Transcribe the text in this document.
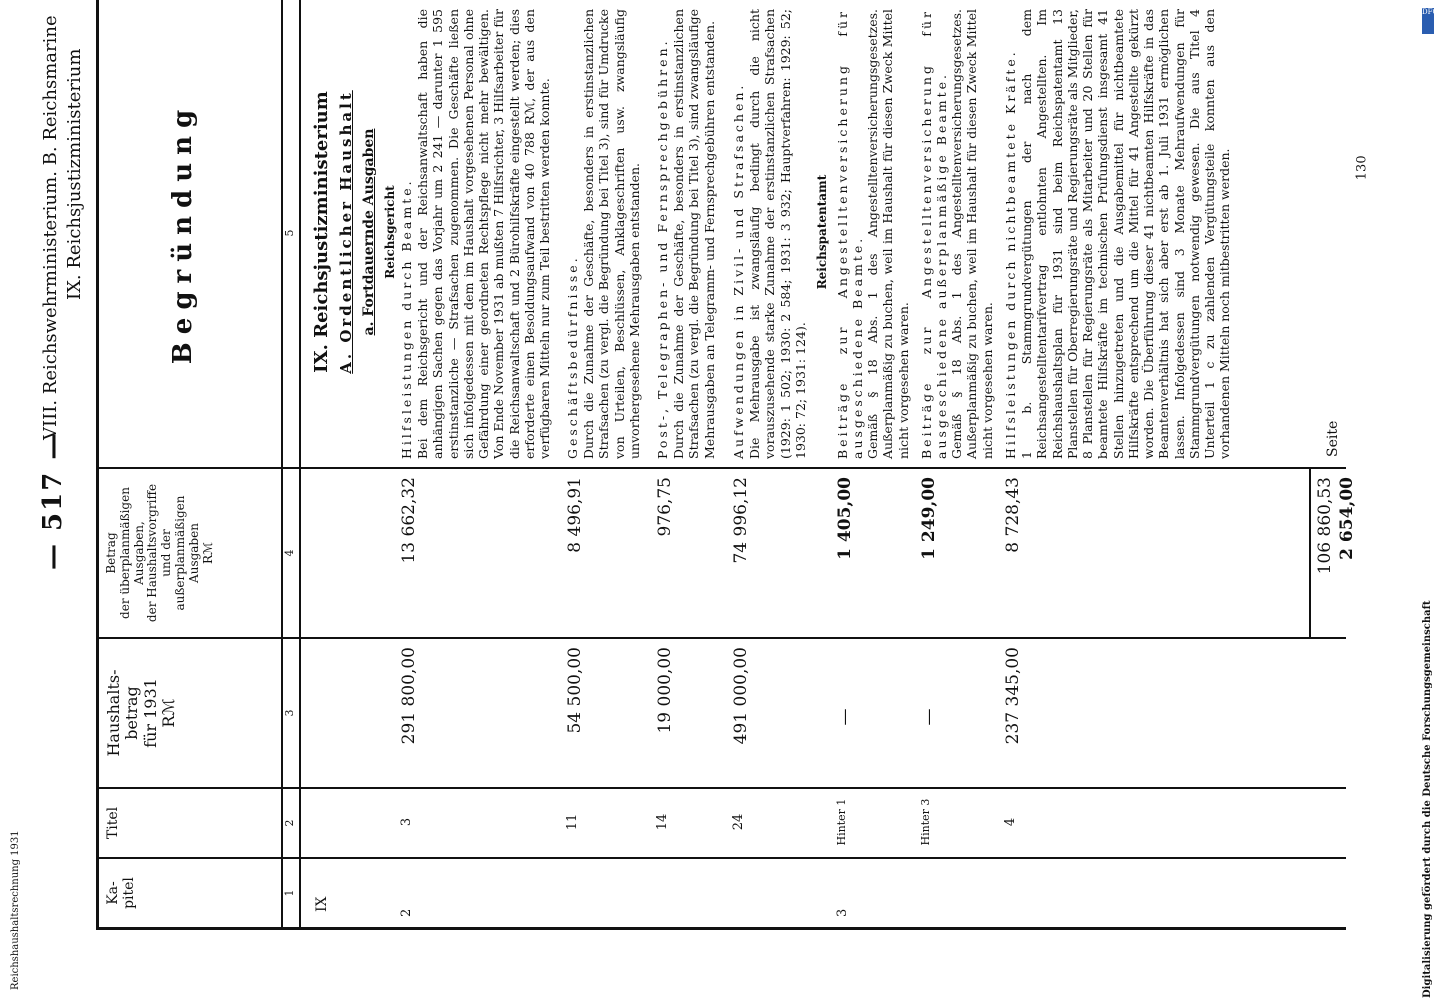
— 517 —
VIII. Reichswehrministerium. B. Reichsmarine IX. Reichsjustizministerium
Ka-
pitel
Titel
Haushalts-
betrag
für 1931
Rℳ
Betrag
der überplanmäßigen
Ausgaben,
der Haushaltsvorgriffe
und der
außerplanmäßigen
Ausgaben
Rℳ
Begründung
1
2
3
4
5
IX
IX. Reichsjustizministerium A. Ordentlicher Haushalt a. Fortdauernde Ausgaben Reichsgericht
2
3
291 800,00
13 662,32
Hilfsleistungen durch Beamte. Bei dem Reichsgericht und der Reichsanwaltschaft haben die anhängigen Sachen gegen das Vorjahr um 2 241 — darunter 1 595 erstinstanzliche — Strafsachen zugenommen. Die Geschäfte ließen sich infolgedessen mit dem im Haushalt vorgesehenen Personal ohne Gefährdung einer geordneten Rechtspflege nicht mehr bewältigen. Von Ende November 1931 ab mußten 7 Hilfsrichter, 3 Hilfsarbeiter für die Reichsanwaltschaft und 2 Bürohilfskräfte eingestellt werden; dies erforderte einen Besoldungsaufwand von 40 788 Rℳ, der aus den verfügbaren Mitteln nur zum Teil bestritten werden konnte.
11
54 500,00
8 496,91
Geschäftsbedürfnisse. Durch die Zunahme der Geschäfte, besonders in erstinstanzlichen Strafsachen (zu vergl. die Begründung bei Titel 3), sind für Umdrucke von Urteilen, Beschlüssen, Anklageschriften usw. zwangsläufig unvorhergesehene Mehrausgaben entstanden.
14
19 000,00
976,75
Post-, Telegraphen- und Fernsprechgebühren. Durch die Zunahme der Geschäfte, besonders in erstinstanzlichen Strafsachen (zu vergl. die Begründung bei Titel 3), sind zwangsläufige Mehrausgaben an Telegramm- und Fernsprechgebühren entstanden.
24
491 000,00
74 996,12
Aufwendungen in Zivil- und Strafsachen. Die Mehrausgabe ist zwangsläufig bedingt durch die nicht vorauszusehende starke Zunahme der erstinstanzlichen Strafsachen (1929: 1 502; 1930: 2 584; 1931: 3 932; Hauptverfahren: 1929: 52; 1930: 72; 1931: 124).
Reichspatentamt
3
Hinter 1
—
1 405,00
Beiträge zur Angestelltenversicherung für ausgeschiedene Beamte. Gemäß § 18 Abs. 1 des Angestelltenversicherungsgesetzes. Außerplanmäßig zu buchen, weil im Haushalt für diesen Zweck Mittel nicht vorgesehen waren.
Hinter 3
—
1 249,00
Beiträge zur Angestelltenversicherung für ausgeschiedene außerplanmäßige Beamte. Gemäß § 18 Abs. 1 des Angestelltenversicherungsgesetzes. Außerplanmäßig zu buchen, weil im Haushalt für diesen Zweck Mittel nicht vorgesehen waren.
4
237 345,00
8 728,43
Hilfsleistungen durch nichtbeamtete Kräfte. 1 b. Stammgrundvergütungen der nach dem Reichsangestelltentarifvertrag entlohnten Angestellten. Im Reichshaushaltsplan für 1931 sind beim Reichspatentamt 13 Planstellen für Oberregierungsräte und Regierungsräte als Mitglieder, 8 Planstellen für Regierungsräte als Mitarbeiter und 20 Stellen für beamtete Hilfskräfte im technischen Prüfungsdienst insgesamt 41 Stellen hinzugetreten und die Ausgabemittel für nichtbeamtete Hilfskräfte entsprechend um die Mittel für 41 Angestellte gekürzt worden. Die Überführung dieser 41 nichtbeamten Hilfskräfte in das Beamtenverhältnis hat sich aber erst ab 1. Juli 1931 ermöglichen lassen. Infolgedessen sind 3 Monate Mehraufwendungen für Stammgrundvergütungen notwendig gewesen. Die aus Titel 4 Unterteil 1 c zu zahlenden Vergütungsteile konnten aus den vorhandenen Mitteln noch mitbestritten werden.
106 860,53 2 654,00
Seite
130
Reichshaushaltsrechnung 1931	Digitalisierung gefördert durch die Deutsche Forschungsgemeinschaft
DFG
